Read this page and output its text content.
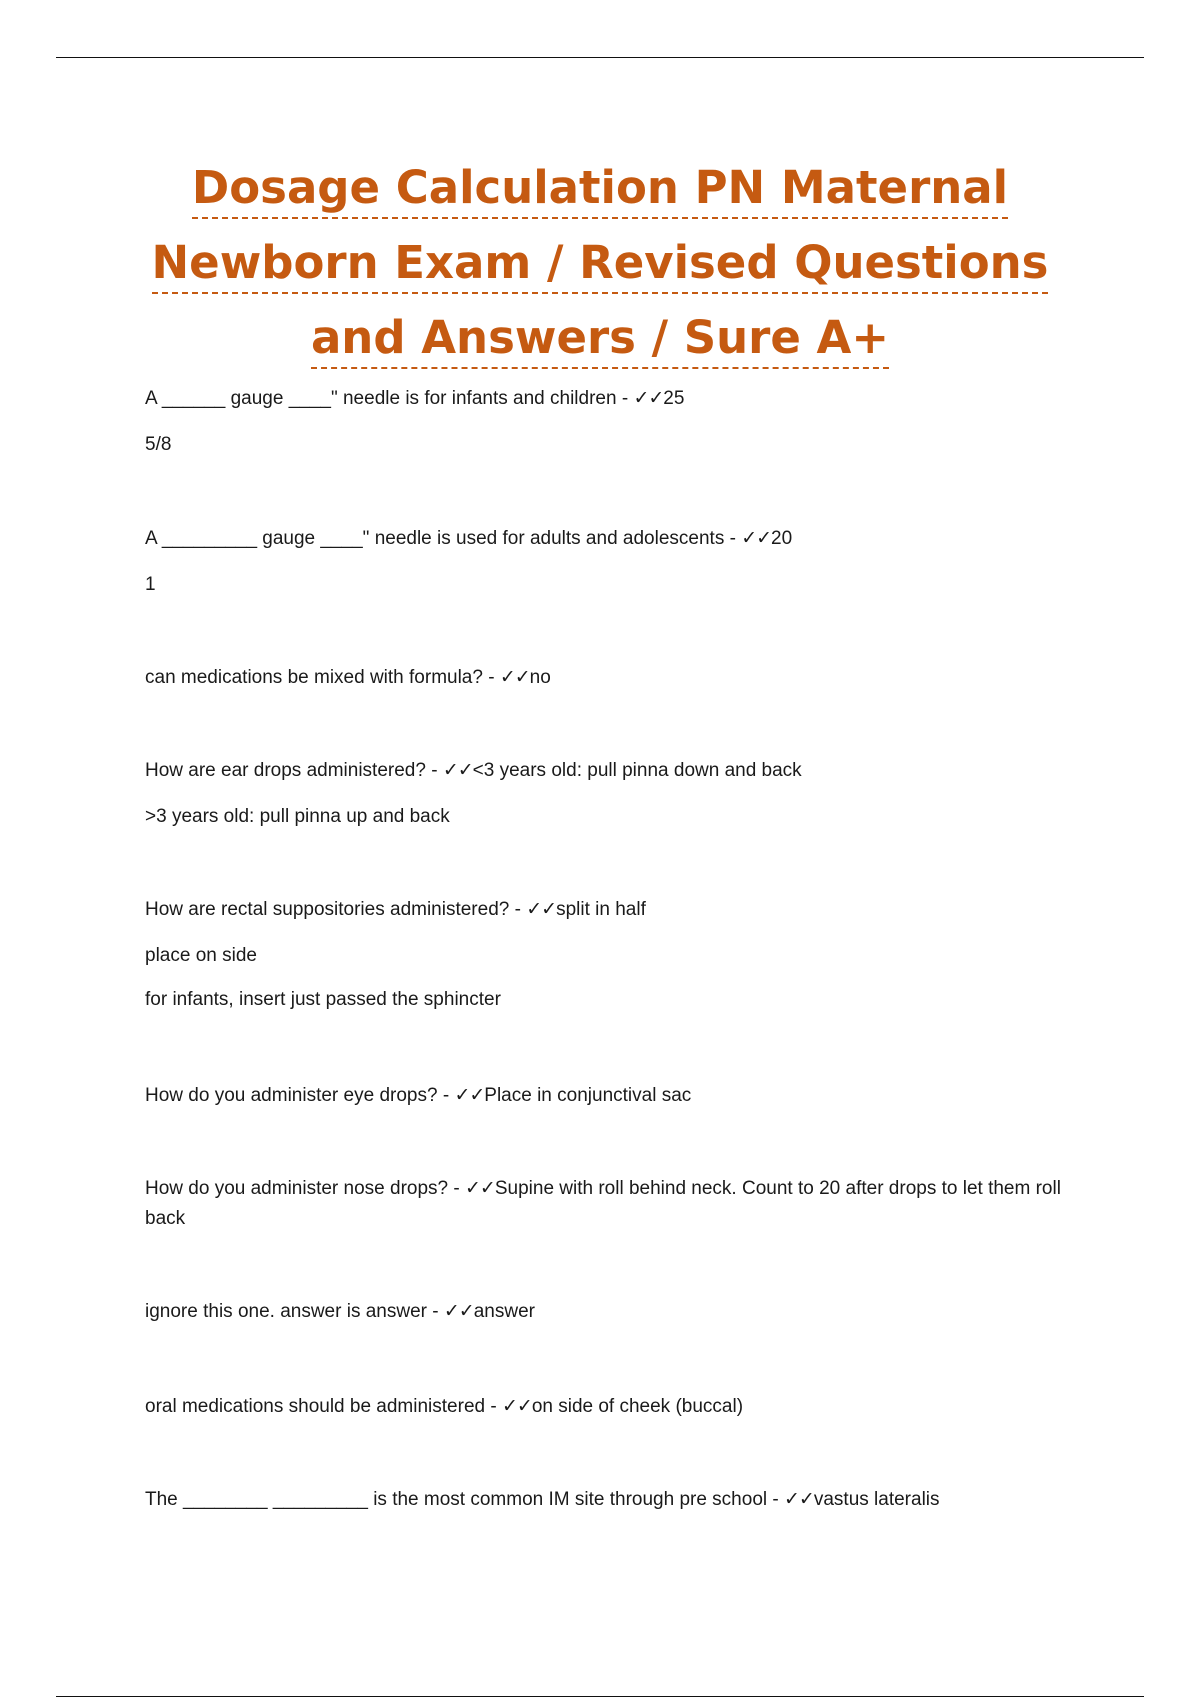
Dosage Calculation PN Maternal
Newborn Exam / Revised Questions
and Answers / Sure A+

A ______ gauge ____" needle is for infants and children - ✓✓25

5/8

A _________ gauge ____" needle is used for adults and adolescents - ✓✓20

1

can medications be mixed with formula? - ✓✓no

How are ear drops administered? - ✓✓<3 years old: pull pinna down and back

>3 years old: pull pinna up and back

How are rectal suppositories administered? - ✓✓split in half

place on side

for infants, insert just passed the sphincter

How do you administer eye drops? - ✓✓Place in conjunctival sac

How do you administer nose drops? - ✓✓Supine with roll behind neck. Count to 20 after drops to let them roll back

ignore this one. answer is answer - ✓✓answer

oral medications should be administered - ✓✓on side of cheek (buccal)

The ________ _________ is the most common IM site through pre school - ✓✓vastus lateralis
